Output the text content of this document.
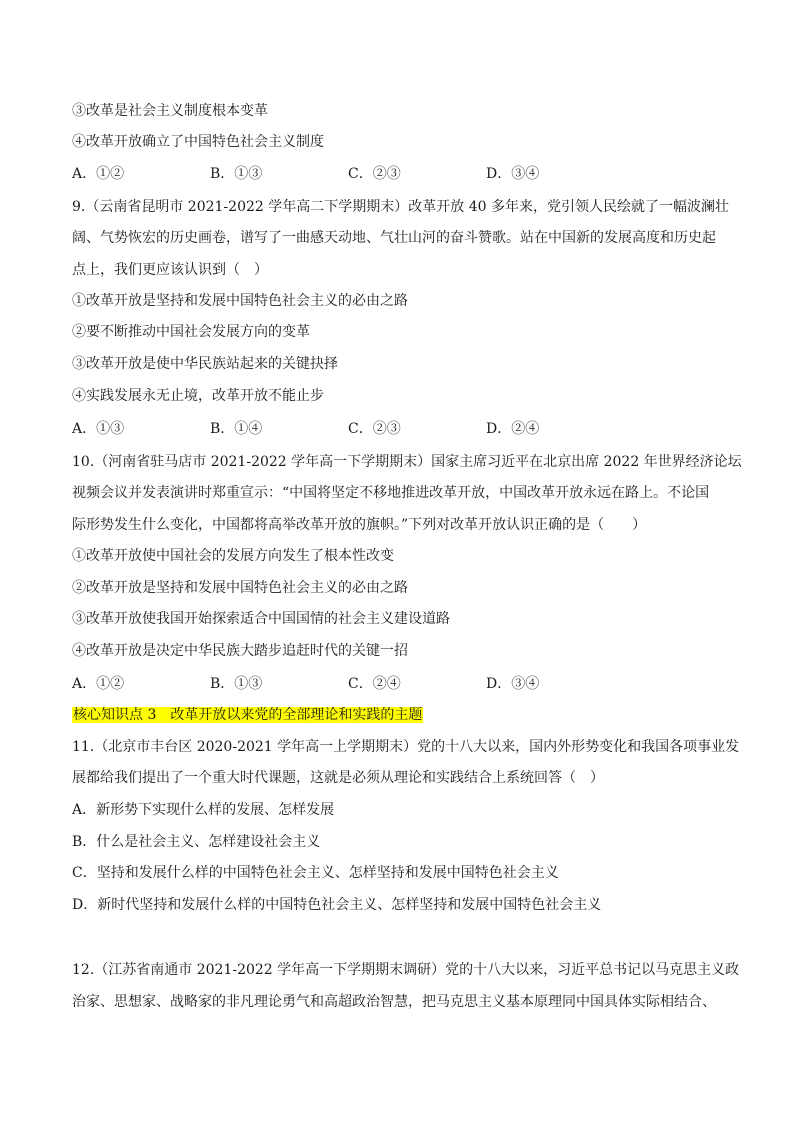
③改革是社会主义制度根本变革
④改革开放确立了中国特色社会主义制度
A．①②	B．①③	C．②③	D．③④
9.（云南省昆明市 2021-2022 学年高二下学期期末）改革开放 40 多年来，党引领人民绘就了一幅波澜壮
阔、气势恢宏的历史画卷，谱写了一曲感天动地、气壮山河的奋斗赞歌。站在中国新的发展高度和历史起
点上，我们更应该认识到（　）
①改革开放是坚持和发展中国特色社会主义的必由之路
②要不断推动中国社会发展方向的变革
③改革开放是使中华民族站起来的关键抉择
④实践发展永无止境，改革开放不能止步
A．①③	B．①④	C．②③	D．②④
10.（河南省驻马店市 2021-2022 学年高一下学期期末）国家主席习近平在北京出席 2022 年世界经济论坛
视频会议并发表演讲时郑重宣示：“中国将坚定不移地推进改革开放，中国改革开放永远在路上。不论国
际形势发生什么变化，中国都将高举改革开放的旗帜。”下列对改革开放认识正确的是（　　）
①改革开放使中国社会的发展方向发生了根本性改变
②改革开放是坚持和发展中国特色社会主义的必由之路
③改革开放使我国开始探索适合中国国情的社会主义建设道路
④改革开放是决定中华民族大踏步追赶时代的关键一招
A．①②	B．①③	C．②④	D．③④
核心知识点 3　改革开放以来党的全部理论和实践的主题
11.（北京市丰台区 2020-2021 学年高一上学期期末）党的十八大以来，国内外形势变化和我国各项事业发
展都给我们提出了一个重大时代课题，这就是必须从理论和实践结合上系统回答（　）
A．新形势下实现什么样的发展、怎样发展
B．什么是社会主义、怎样建设社会主义
C．坚持和发展什么样的中国特色社会主义、怎样坚持和发展中国特色社会主义
D．新时代坚持和发展什么样的中国特色社会主义、怎样坚持和发展中国特色社会主义
12.（江苏省南通市 2021-2022 学年高一下学期期末调研）党的十八大以来，习近平总书记以马克思主义政
治家、思想家、战略家的非凡理论勇气和高超政治智慧，把马克思主义基本原理同中国具体实际相结合、
